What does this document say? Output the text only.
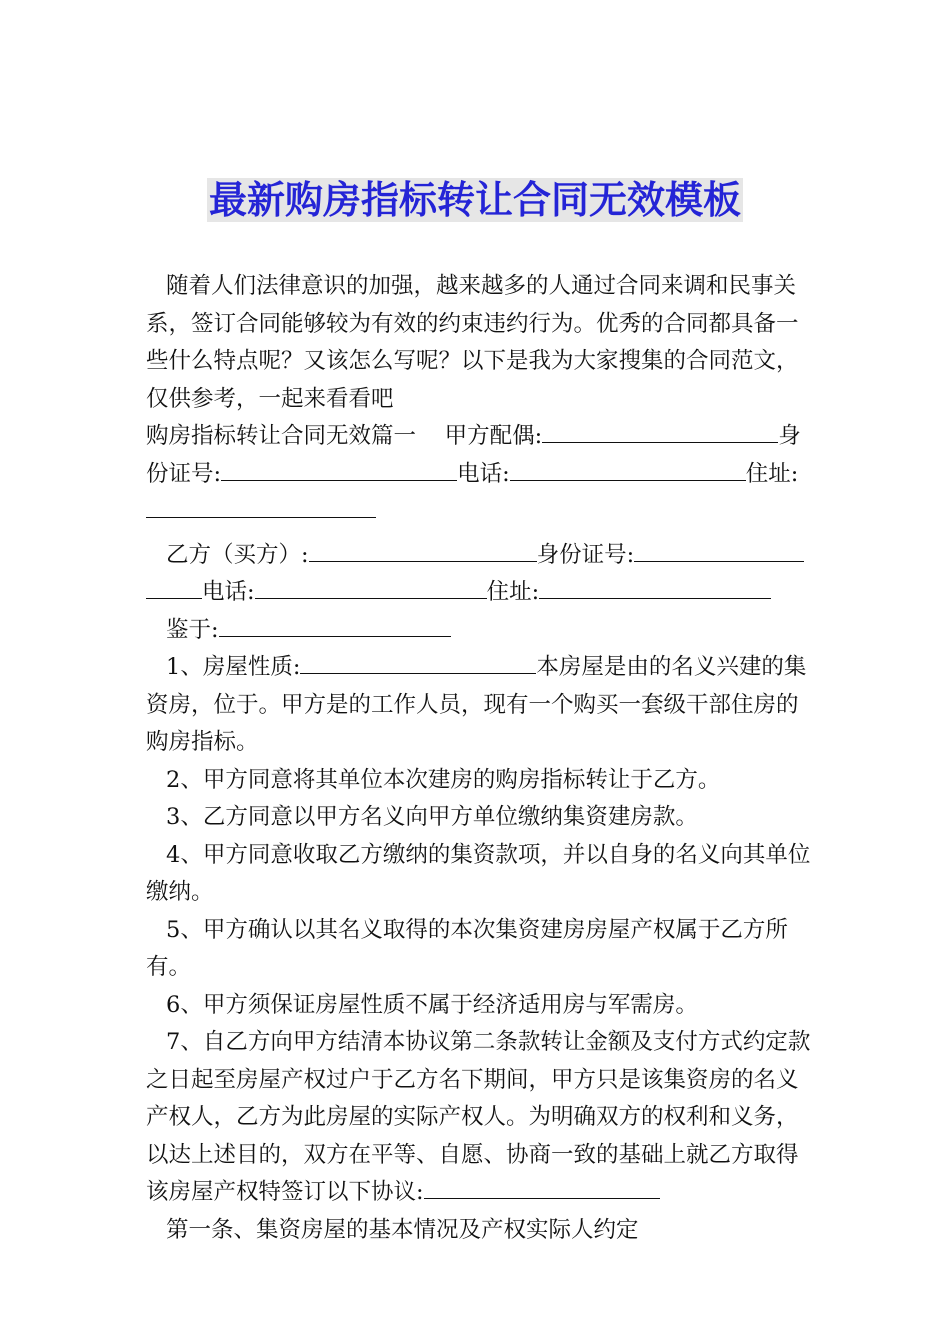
最新购房指标转让合同无效模板

随着人们法律意识的加强，越来越多的人通过合同来调和民事关系，签订合同能够较为有效的约束违约行为。优秀的合同都具备一些什么特点呢？又该怎么写呢？以下是我为大家搜集的合同范文，仅供参考，一起来看看吧

购房指标转让合同无效篇一 甲方配偶:	身份证号:	电话:	住址:

乙方（买方）:	身份证号:电话:	住址:

鉴于:

1、房屋性质:	本房屋是由的名义兴建的集资房，位于。甲方是的工作人员，现有一个购买一套级干部住房的购房指标。

2、甲方同意将其单位本次建房的购房指标转让于乙方。

3、乙方同意以甲方名义向甲方单位缴纳集资建房款。

4、甲方同意收取乙方缴纳的集资款项，并以自身的名义向其单位缴纳。

5、甲方确认以其名义取得的本次集资建房房屋产权属于乙方所有。

6、甲方须保证房屋性质不属于经济适用房与军需房。

7、自乙方向甲方结清本协议第二条款转让金额及支付方式约定款之日起至房屋产权过户于乙方名下期间，甲方只是该集资房的名义产权人，乙方为此房屋的实际产权人。为明确双方的权利和义务，以达上述目的，双方在平等、自愿、协商一致的基础上就乙方取得该房屋产权特签订以下协议:

第一条、集资房屋的基本情况及产权实际人约定
